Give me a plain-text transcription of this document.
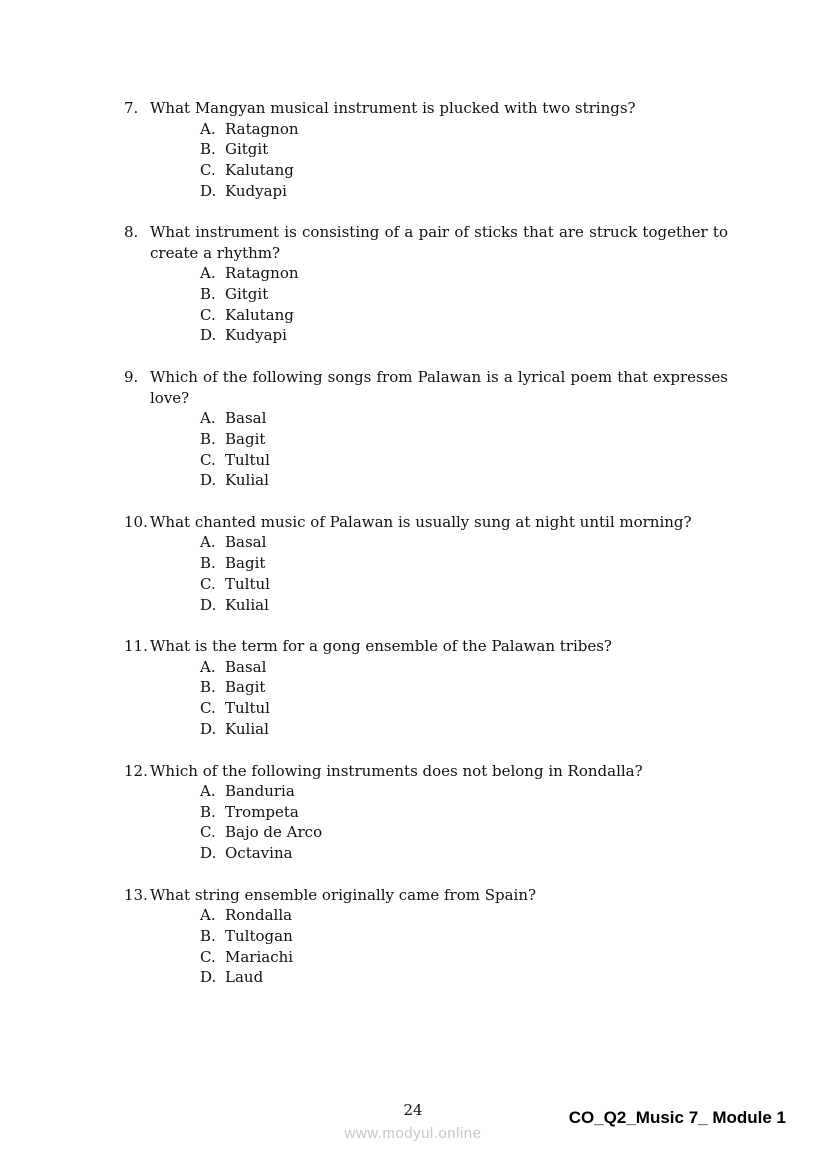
7. What Mangyan musical instrument is plucked with two strings?
A. Ratagnon
B. Gitgit
C. Kalutang
D. Kudyapi
8. What instrument is consisting of a pair of sticks that are struck together to create a rhythm?
A. Ratagnon
B. Gitgit
C. Kalutang
D. Kudyapi
9. Which of the following songs from Palawan is a lyrical poem that expresses love?
A. Basal
B. Bagit
C. Tultul
D. Kulial
10. What chanted music of Palawan is usually sung at night until morning?
A. Basal
B. Bagit
C. Tultul
D. Kulial
11. What is the term for a gong ensemble of the Palawan tribes?
A. Basal
B. Bagit
C. Tultul
D. Kulial
12. Which of the following instruments does not belong in Rondalla?
A. Banduria
B. Trompeta
C. Bajo de Arco
D. Octavina
13. What string ensemble originally came from Spain?
A. Rondalla
B. Tultogan
C. Mariachi
D. Laud
24	CO_Q2_Music 7_ Module 1
www.modyul.online
